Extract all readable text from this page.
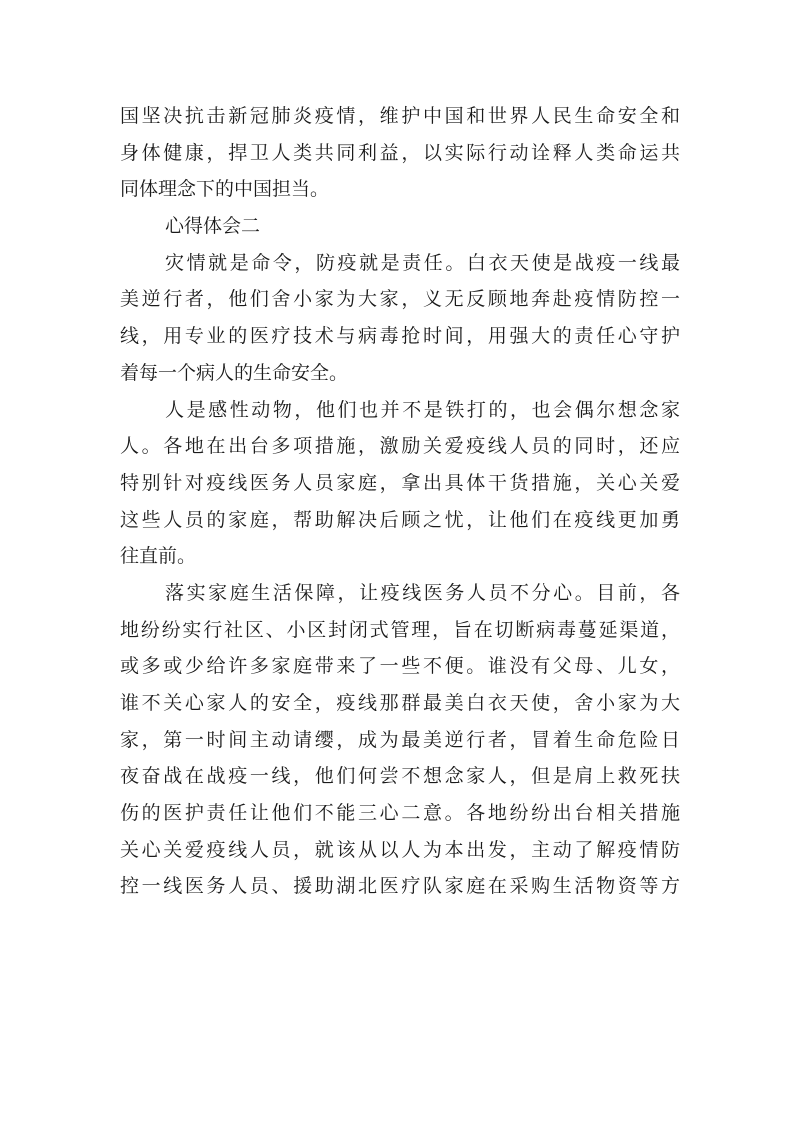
国坚决抗击新冠肺炎疫情，维护中国和世界人民生命安全和
身体健康，捍卫人类共同利益，以实际行动诠释人类命运共
同体理念下的中国担当。
心得体会二
灾情就是命令，防疫就是责任。白衣天使是战疫一线最
美逆行者，他们舍小家为大家，义无反顾地奔赴疫情防控一
线，用专业的医疗技术与病毒抢时间，用强大的责任心守护
着每一个病人的生命安全。
人是感性动物，他们也并不是铁打的，也会偶尔想念家
人。各地在出台多项措施，激励关爱疫线人员的同时，还应
特别针对疫线医务人员家庭，拿出具体干货措施，关心关爱
这些人员的家庭，帮助解决后顾之忧，让他们在疫线更加勇
往直前。
落实家庭生活保障，让疫线医务人员不分心。目前，各
地纷纷实行社区、小区封闭式管理，旨在切断病毒蔓延渠道，
或多或少给许多家庭带来了一些不便。谁没有父母、儿女，
谁不关心家人的安全，疫线那群最美白衣天使，舍小家为大
家，第一时间主动请缨，成为最美逆行者，冒着生命危险日
夜奋战在战疫一线，他们何尝不想念家人，但是肩上救死扶
伤的医护责任让他们不能三心二意。各地纷纷出台相关措施
关心关爱疫线人员，就该从以人为本出发，主动了解疫情防
控一线医务人员、援助湖北医疗队家庭在采购生活物资等方
